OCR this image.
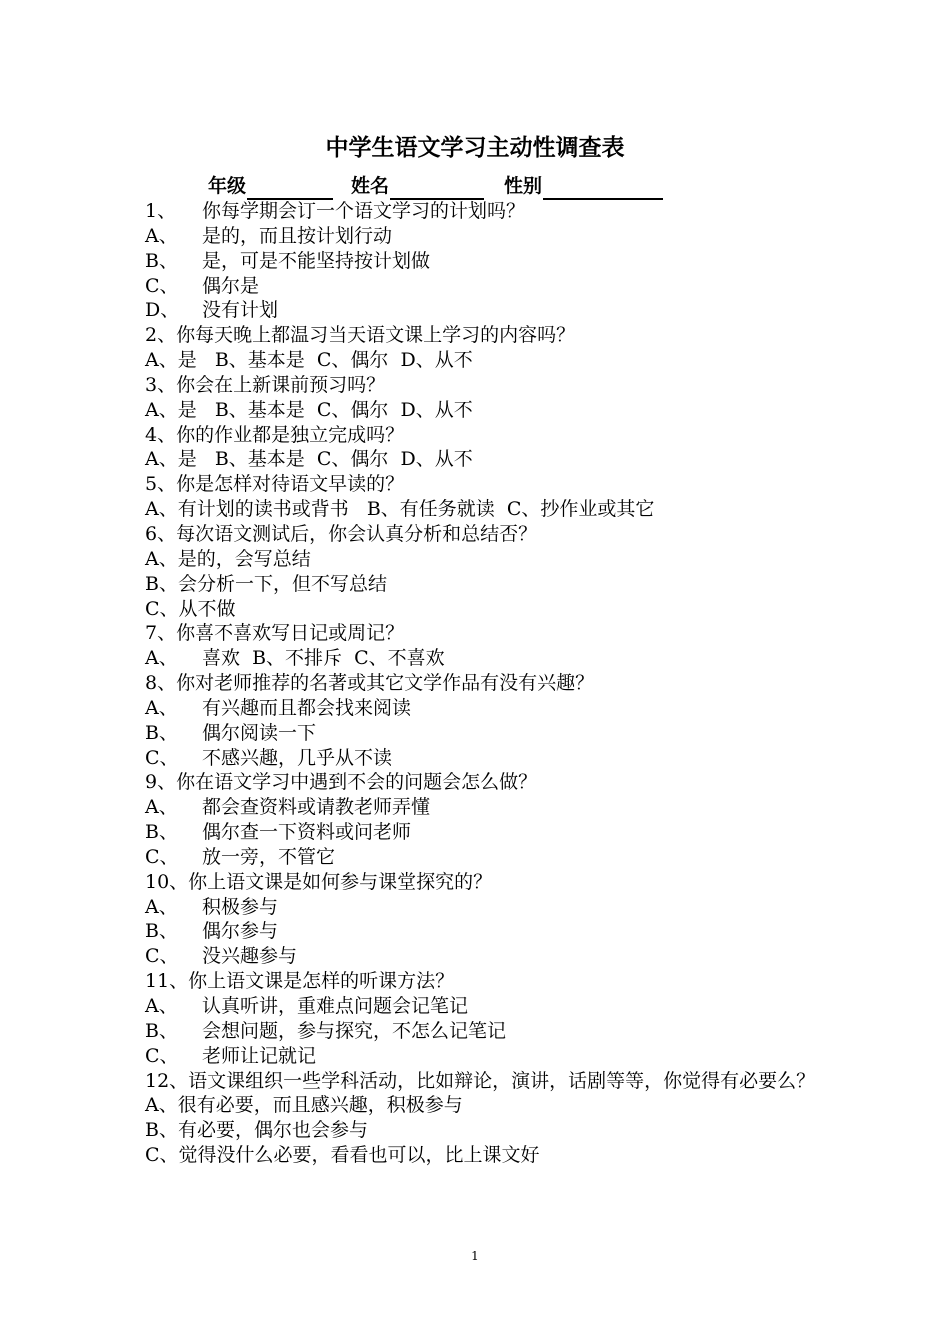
中学生语文学习主动性调查表
年级	姓名	性别
1、 你每学期会订一个语文学习的计划吗？
A、 是的，而且按计划行动
B、 是，可是不能坚持按计划做
C、 偶尔是
D、 没有计划
2、你每天晚上都温习当天语文课上学习的内容吗？
A、是   B、基本是  C、偶尔  D、从不
3、你会在上新课前预习吗？
A、是   B、基本是  C、偶尔  D、从不
4、你的作业都是独立完成吗？
A、是   B、基本是  C、偶尔  D、从不
5、你是怎样对待语文早读的？
A、有计划的读书或背书   B、有任务就读  C、抄作业或其它
6、每次语文测试后，你会认真分析和总结否？
A、是的，会写总结
B、会分析一下，但不写总结
C、从不做
7、你喜不喜欢写日记或周记？
A、 喜欢  B、不排斥  C、不喜欢
8、你对老师推荐的名著或其它文学作品有没有兴趣？
A、 有兴趣而且都会找来阅读
B、 偶尔阅读一下
C、 不感兴趣，几乎从不读
9、你在语文学习中遇到不会的问题会怎么做？
A、 都会查资料或请教老师弄懂
B、 偶尔查一下资料或问老师
C、 放一旁，不管它
10、你上语文课是如何参与课堂探究的？
A、 积极参与
B、 偶尔参与
C、 没兴趣参与
11、你上语文课是怎样的听课方法？
A、 认真听讲，重难点问题会记笔记
B、 会想问题，参与探究，不怎么记笔记
C、 老师让记就记
12、语文课组织一些学科活动，比如辩论，演讲，话剧等等，你觉得有必要么？
A、很有必要，而且感兴趣，积极参与
B、有必要，偶尔也会参与
C、觉得没什么必要，看看也可以，比上课文好
1
